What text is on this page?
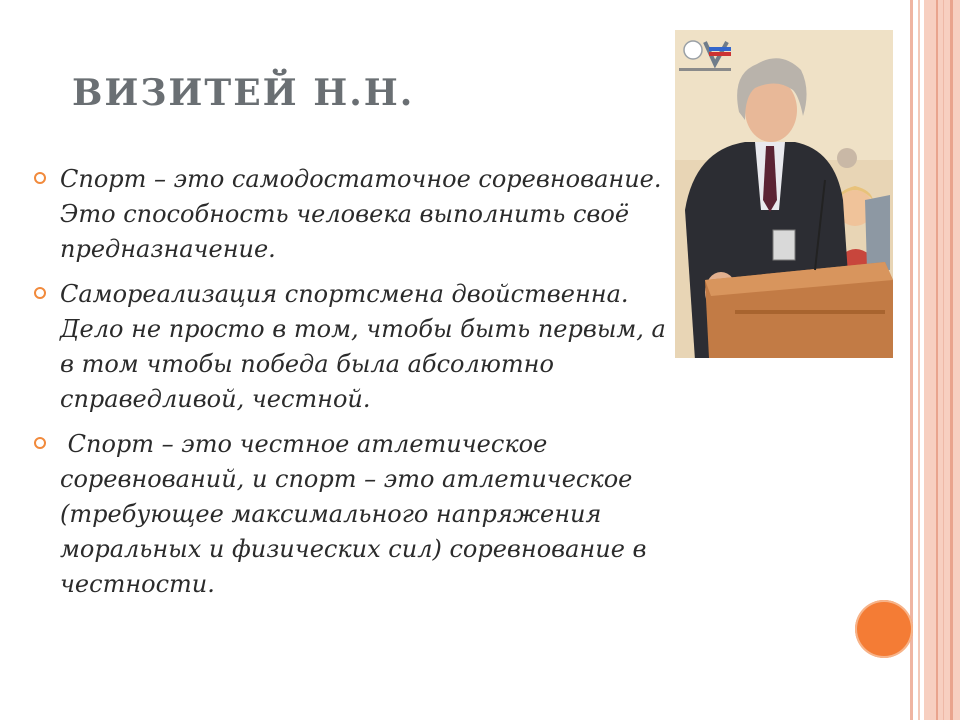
ВИЗИТЕЙ Н.Н.
Спорт – это самодостаточное соревнование. Это способность человека выполнить своё предназначение.
Самореализация спортсмена двойственна. Дело не просто в том, чтобы быть первым, а в том чтобы победа была абсолютно справедливой, честной.
Спорт – это честное атлетическое соревнований, и спорт – это атлетическое (требующее максимального напряжения моральных и физических сил) соревнование в честности.
